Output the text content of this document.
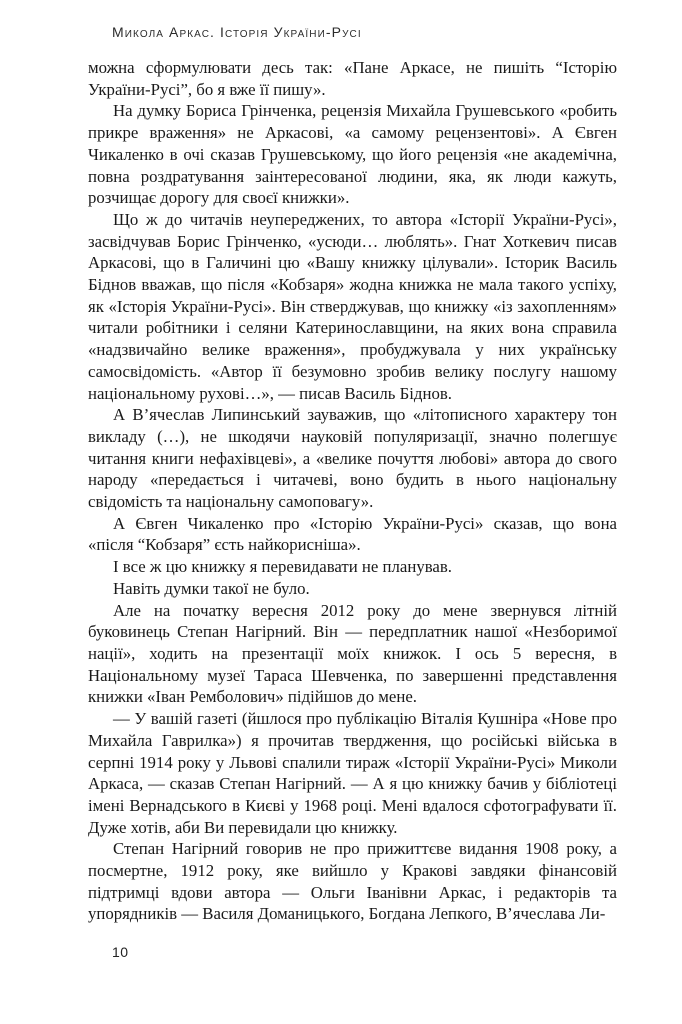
Микола Аркас. Історія України-Русі

можна сформулювати десь так: «Пане Аркасе, не пишіть “Історію України-Русі”, бо я вже її пишу».

На думку Бориса Грінченка, рецензія Михайла Грушевського «робить прикре враження» не Аркасові, «а самому рецензентові». А Євген Чикаленко в очі сказав Грушевському, що його рецензія «не академічна, повна роздратування заінтересованої людини, яка, як люди кажуть, розчищає дорогу для своєї книжки».

Що ж до читачів неупереджених, то автора «Історії України-Русі», засвідчував Борис Грінченко, «усюди… люблять». Гнат Хоткевич писав Аркасові, що в Галичині цю «Вашу книжку цілували». Історик Василь Біднов вважав, що після «Кобзаря» жодна книжка не мала такого успіху, як «Історія України-Русі». Він стверджував, що книжку «із захопленням» читали робітники і селяни Катеринославщини, на яких вона справила «надзвичайно велике враження», пробуджувала у них українську самосвідомість. «Автор її безумовно зробив велику послугу нашому національному рухові…», — писав Василь Біднов.

А В’ячеслав Липинський зауважив, що «літописного характеру тон викладу (…), не шкодячи науковій популяризації, значно полегшує читання книги нефахівцеві», а «велике почуття любові» автора до свого народу «передається і читачеві, воно будить в нього національну свідомість та національну самоповагу».

А Євген Чикаленко про «Історію України-Русі» сказав, що вона «після “Кобзаря” єсть найкорисніша».

І все ж цю книжку я перевидавати не планував.

Навіть думки такої не було.

Але на початку вересня 2012 року до мене звернувся літній буковинець Степан Нагірний. Він — передплатник нашої «Незборимої нації», ходить на презентації моїх книжок. І ось 5 вересня, в Національному музеї Тараса Шевченка, по завершенні представлення книжки «Іван Ремболович» підійшов до мене.

— У вашій газеті (йшлося про публікацію Віталія Кушніра «Нове про Михайла Гаврилка») я прочитав твердження, що російські війська в серпні 1914 року у Львові спалили тираж «Історії України-Русі» Миколи Аркаса, — сказав Степан Нагірний. — А я цю книжку бачив у бібліотеці імені Вернадського в Києві у 1968 році. Мені вдалося сфотографувати її. Дуже хотів, аби Ви перевидали цю книжку.

Степан Нагірний говорив не про прижиттєве видання 1908 року, а посмертне, 1912 року, яке вийшло у Кракові завдяки фінансовій підтримці вдови автора — Ольги Іванівни Аркас, і редакторів та упорядників — Василя Доманицького, Богдана Лепкого, В’ячеслава Ли-

10
